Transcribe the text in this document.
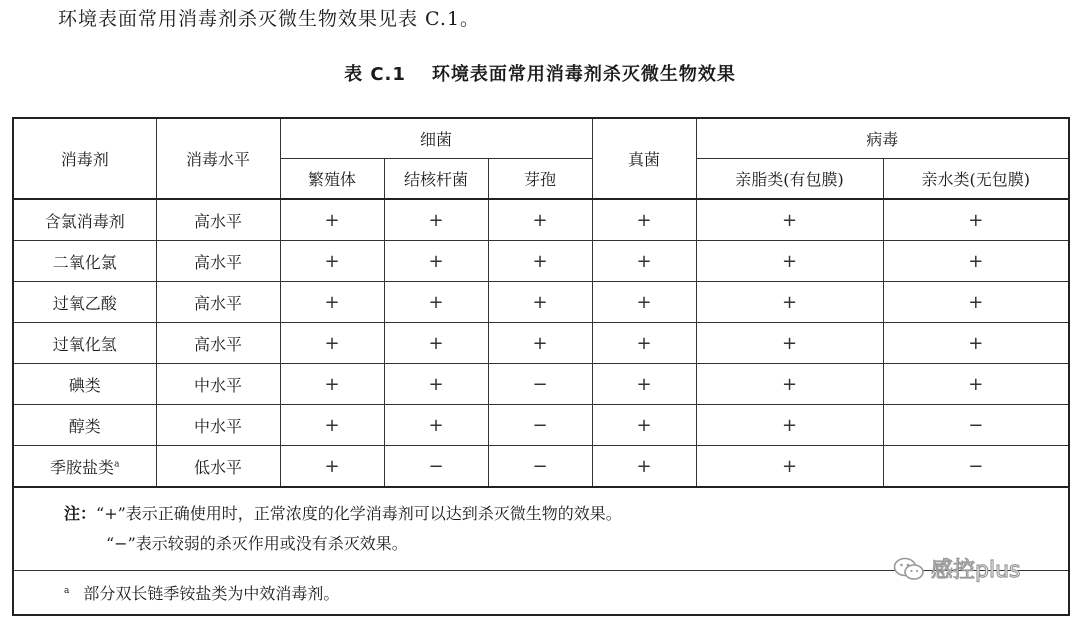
环境表面常用消毒剂杀灭微生物效果见表 C.1。
表 C.1 环境表面常用消毒剂杀灭微生物效果
消毒剂	消毒水平	细菌			真菌	病毒	
		繁殖体	结核杆菌	芽孢		亲脂类(有包膜)	亲水类(无包膜)
含氯消毒剂	高水平	+	+	+	+	+	+
二氧化氯	高水平	+	+	+	+	+	+
过氧乙酸	高水平	+	+	+	+	+	+
过氧化氢	高水平	+	+	+	+	+	+
碘类	中水平	+	+	−	+	+	+
醇类	中水平	+	+	−	+	+	−
季胺盐类$^a$	低水平	+	−	−	+	+	−

注：“+”表示正确使用时，正常浓度的化学消毒剂可以达到杀灭微生物的效果。
“−”表示较弱的杀灭作用或没有杀灭效果。							

$^a$ 部分双长链季铵盐类为中效消毒剂。							
感控plus
